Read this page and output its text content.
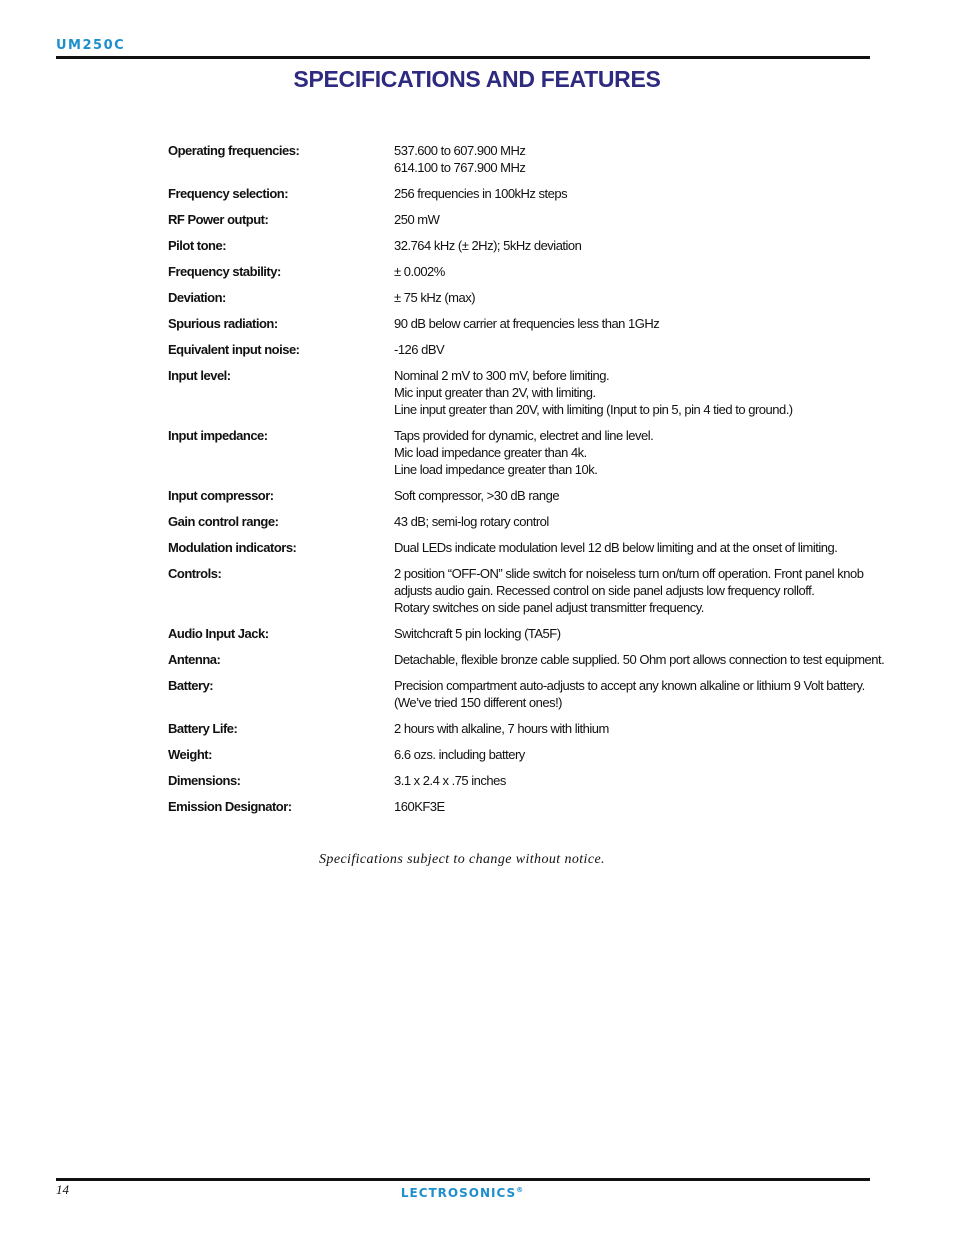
UM250C
SPECIFICATIONS AND FEATURES
Operating frequencies:	537.600 to 607.900 MHz
614.100 to 767.900 MHz
Frequency selection:	256 frequencies in 100kHz steps
RF Power output:	250 mW
Pilot tone:	32.764 kHz (± 2Hz); 5kHz deviation
Frequency stability:	± 0.002%
Deviation:	± 75 kHz (max)
Spurious radiation:	90 dB below carrier at frequencies less than 1GHz
Equivalent input noise:	-126 dBV
Input level:	Nominal 2 mV to 300 mV, before limiting.
Mic input greater than 2V, with limiting.
Line input greater than 20V, with limiting (Input to pin 5, pin 4 tied to ground.)
Input impedance:	Taps provided for dynamic, electret and line level.
Mic load impedance greater than 4k.
Line load impedance greater than 10k.
Input compressor:	Soft compressor, >30 dB range
Gain control range:	43 dB; semi-log rotary control
Modulation indicators:	Dual LEDs indicate modulation level 12 dB below limiting and at the onset of limiting.
Controls:	2 position “OFF-ON” slide switch for noiseless turn on/turn off operation. Front panel knob
adjusts audio gain. Recessed control on side panel adjusts low frequency rolloff.
Rotary switches on side panel adjust transmitter frequency.
Audio Input Jack:	Switchcraft 5 pin locking (TA5F)
Antenna:	Detachable, flexible bronze cable supplied. 50 Ohm port allows connection to test equipment.
Battery:	Precision compartment auto-adjusts to accept any known alkaline or lithium 9 Volt battery.
(We’ve tried 150 different ones!)
Battery Life:	2 hours with alkaline, 7 hours with lithium
Weight:	6.6 ozs. including battery
Dimensions:	3.1 x 2.4 x .75 inches
Emission Designator:	160KF3E

Specifications subject to change without notice.

14	LECTROSONICS®
